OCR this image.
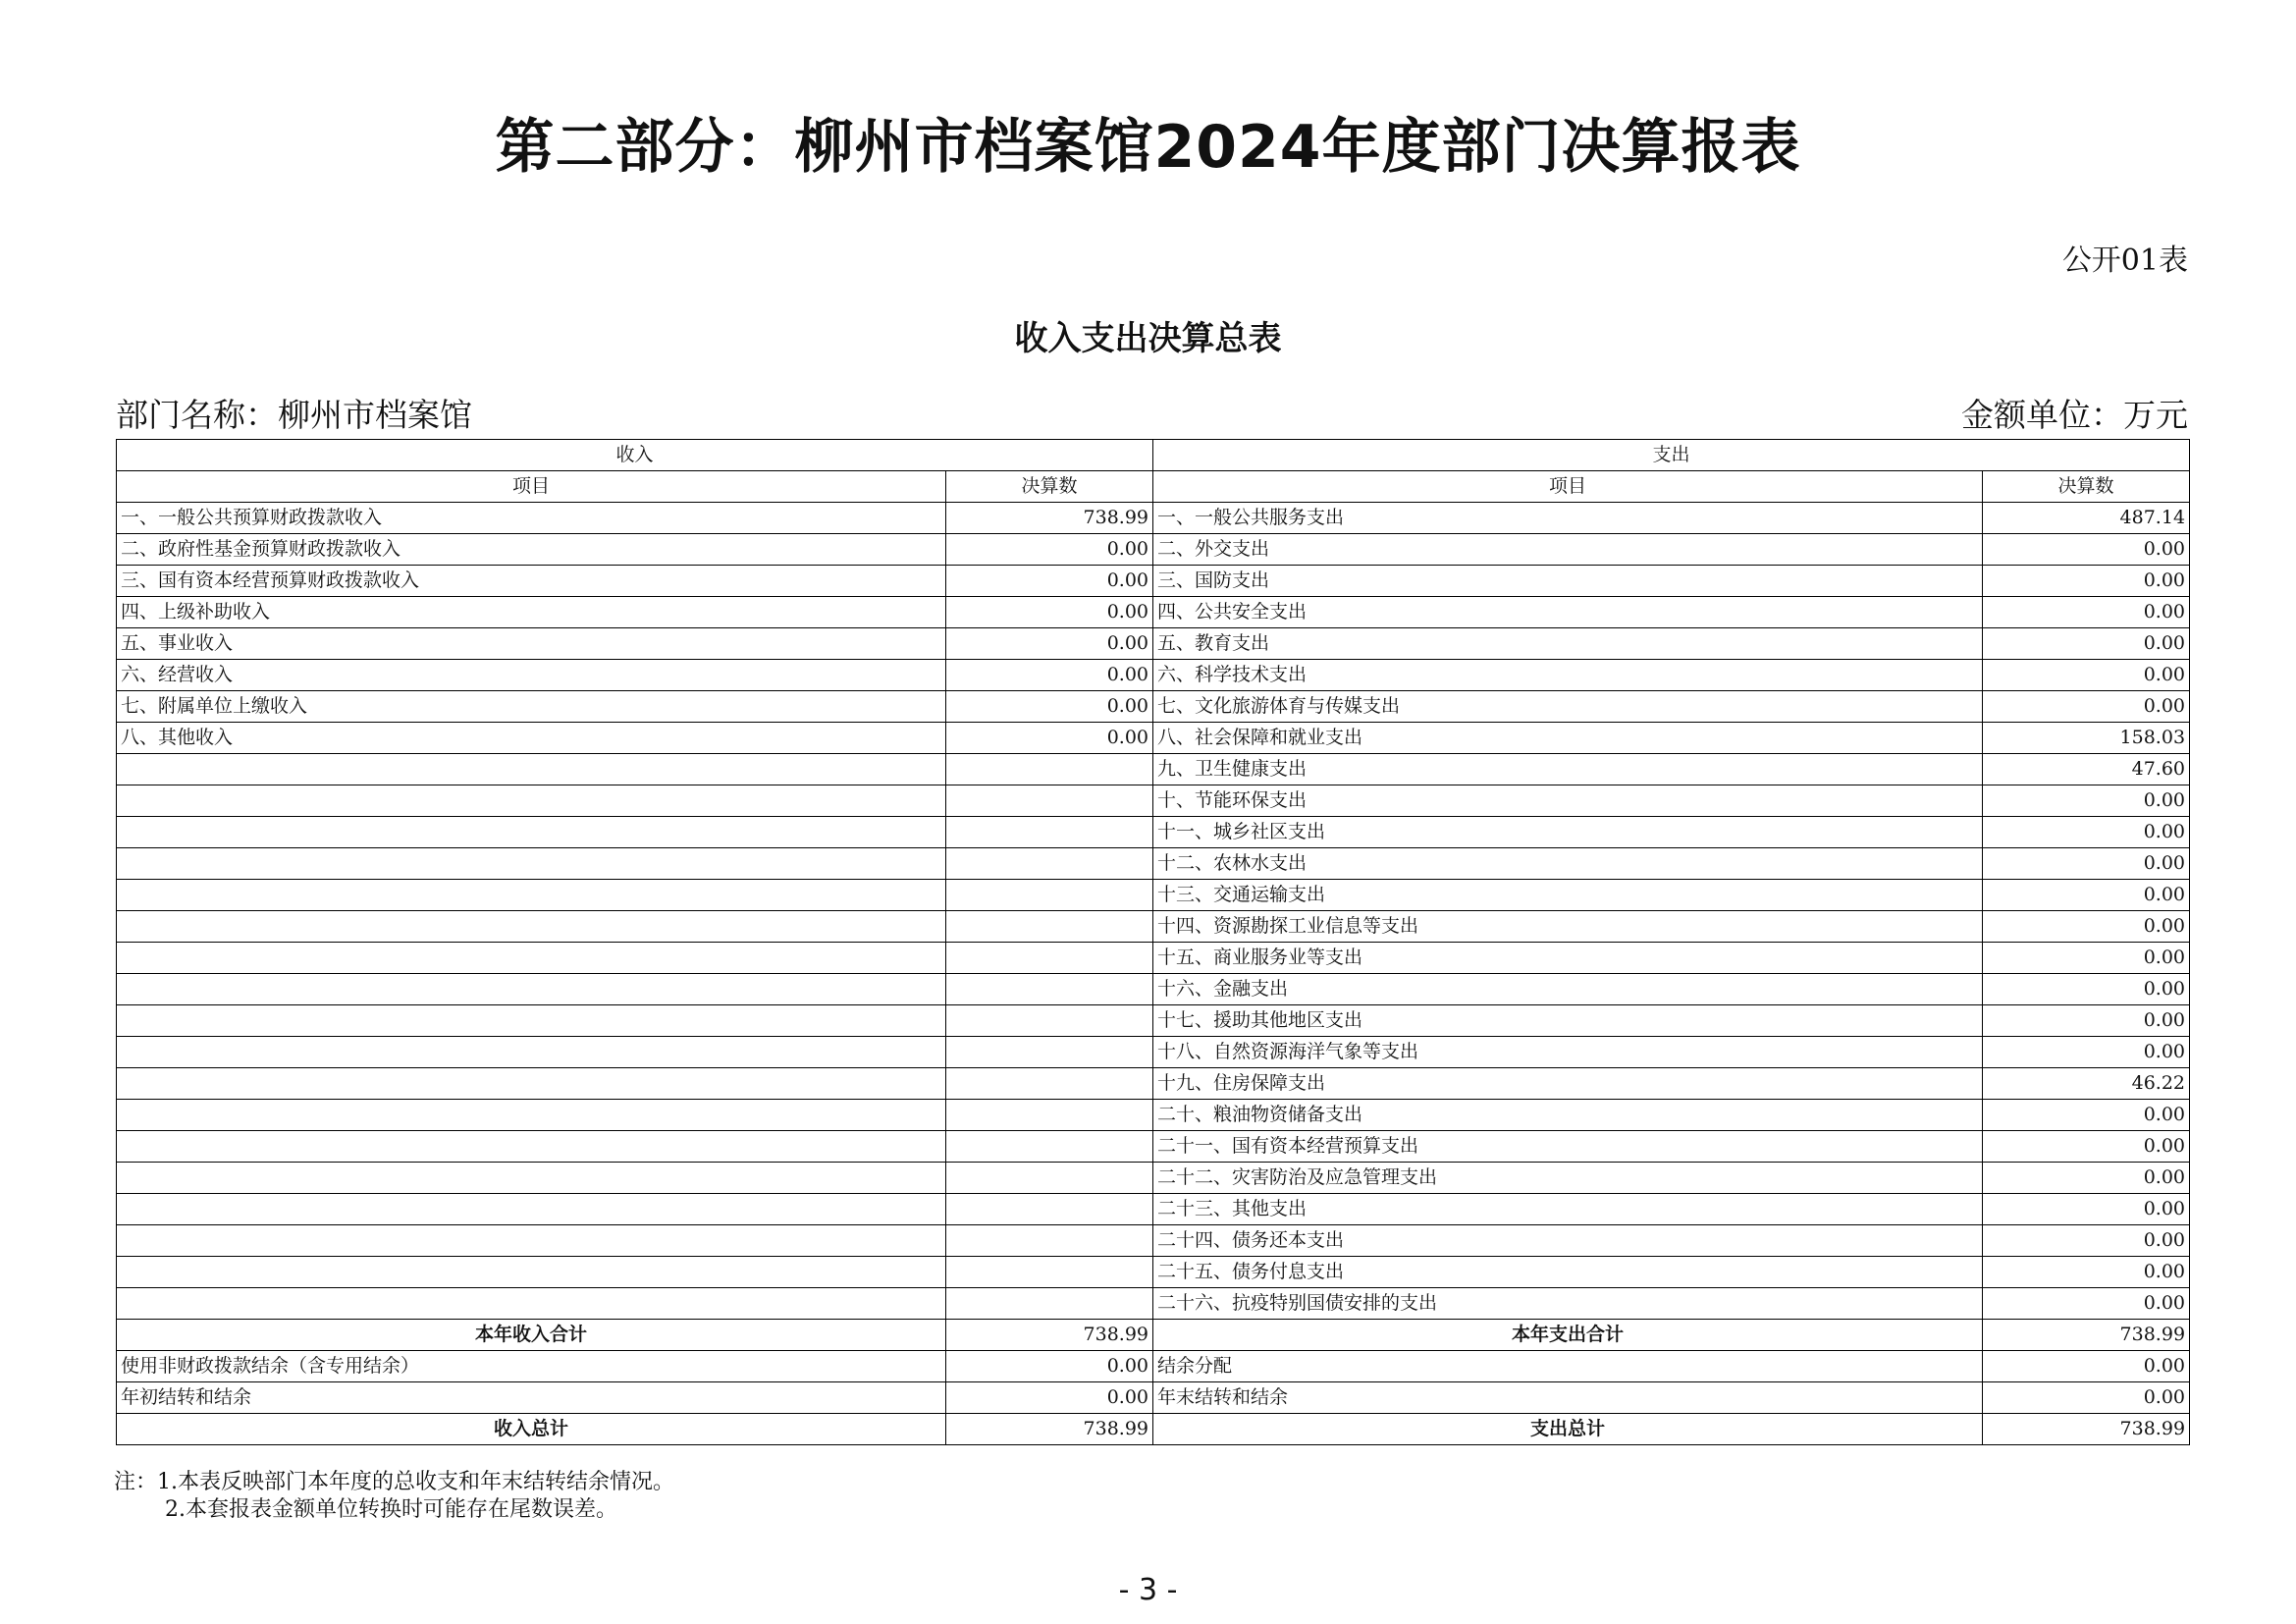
第二部分：柳州市档案馆2024年度部门决算报表
公开01表
收入支出决算总表
部门名称：柳州市档案馆	金额单位：万元
收入		支出	
项目	决算数	项目	决算数
一、一般公共预算财政拨款收入	738.99	一、一般公共服务支出	487.14
二、政府性基金预算财政拨款收入	0.00	二、外交支出	0.00
三、国有资本经营预算财政拨款收入	0.00	三、国防支出	0.00
四、上级补助收入	0.00	四、公共安全支出	0.00
五、事业收入	0.00	五、教育支出	0.00
六、经营收入	0.00	六、科学技术支出	0.00
七、附属单位上缴收入	0.00	七、文化旅游体育与传媒支出	0.00
八、其他收入	0.00	八、社会保障和就业支出	158.03
		九、卫生健康支出	47.60
		十、节能环保支出	0.00
		十一、城乡社区支出	0.00
		十二、农林水支出	0.00
		十三、交通运输支出	0.00
		十四、资源勘探工业信息等支出	0.00
		十五、商业服务业等支出	0.00
		十六、金融支出	0.00
		十七、援助其他地区支出	0.00
		十八、自然资源海洋气象等支出	0.00
		十九、住房保障支出	46.22
		二十、粮油物资储备支出	0.00
		二十一、国有资本经营预算支出	0.00
		二十二、灾害防治及应急管理支出	0.00
		二十三、其他支出	0.00
		二十四、债务还本支出	0.00
		二十五、债务付息支出	0.00
		二十六、抗疫特别国债安排的支出	0.00
本年收入合计	738.99	本年支出合计	738.99
使用非财政拨款结余（含专用结余）	0.00	结余分配	0.00
年初结转和结余	0.00	年末结转和结余	0.00
收入总计	738.99	支出总计	738.99
注：1.本表反映部门本年度的总收支和年末结转结余情况。
2.本套报表金额单位转换时可能存在尾数误差。
- 3 -
